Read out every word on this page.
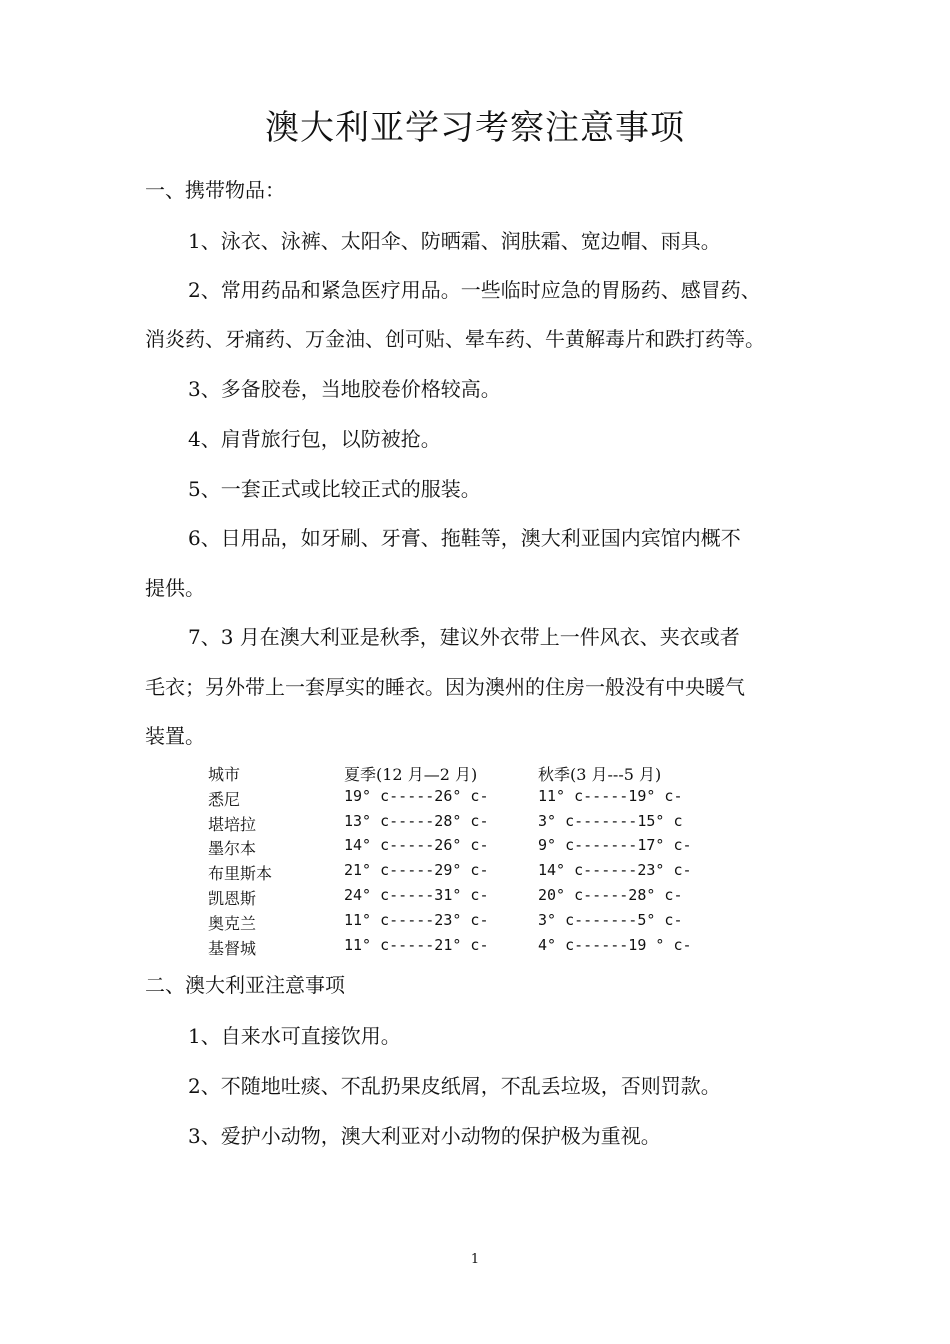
澳大利亚学习考察注意事项
一、携带物品：
1、泳衣、泳裤、太阳伞、防晒霜、润肤霜、宽边帽、雨具。
2、常用药品和紧急医疗用品。一些临时应急的胃肠药、感冒药、
消炎药、牙痛药、万金油、创可贴、晕车药、牛黄解毒片和跌打药等。
3、多备胶卷，当地胶卷价格较高。
4、肩背旅行包，以防被抢。
5、一套正式或比较正式的服装。
6、日用品，如牙刷、牙膏、拖鞋等，澳大利亚国内宾馆内概不
提供。
7、3 月在澳大利亚是秋季，建议外衣带上一件风衣、夹衣或者
毛衣；另外带上一套厚实的睡衣。因为澳州的住房一般没有中央暖气
装置。
城市	夏季(12 月—2 月)	秋季(3 月---5 月)
悉尼	19° c-----26° c-	11° c-----19° c-
堪培拉	13° c-----28° c-	3° c-------15° c
墨尔本	14° c-----26° c-	9° c-------17° c-
布里斯本	21° c-----29° c-	14° c------23° c-
凯恩斯	24° c-----31° c-	20° c-----28° c-
奥克兰	11° c-----23° c-	3° c-------5° c-
基督城	11° c-----21° c-	4° c------19 ° c-
二、澳大利亚注意事项
1、自来水可直接饮用。
2、不随地吐痰、不乱扔果皮纸屑，不乱丢垃圾，否则罚款。
3、爱护小动物，澳大利亚对小动物的保护极为重视。
1
